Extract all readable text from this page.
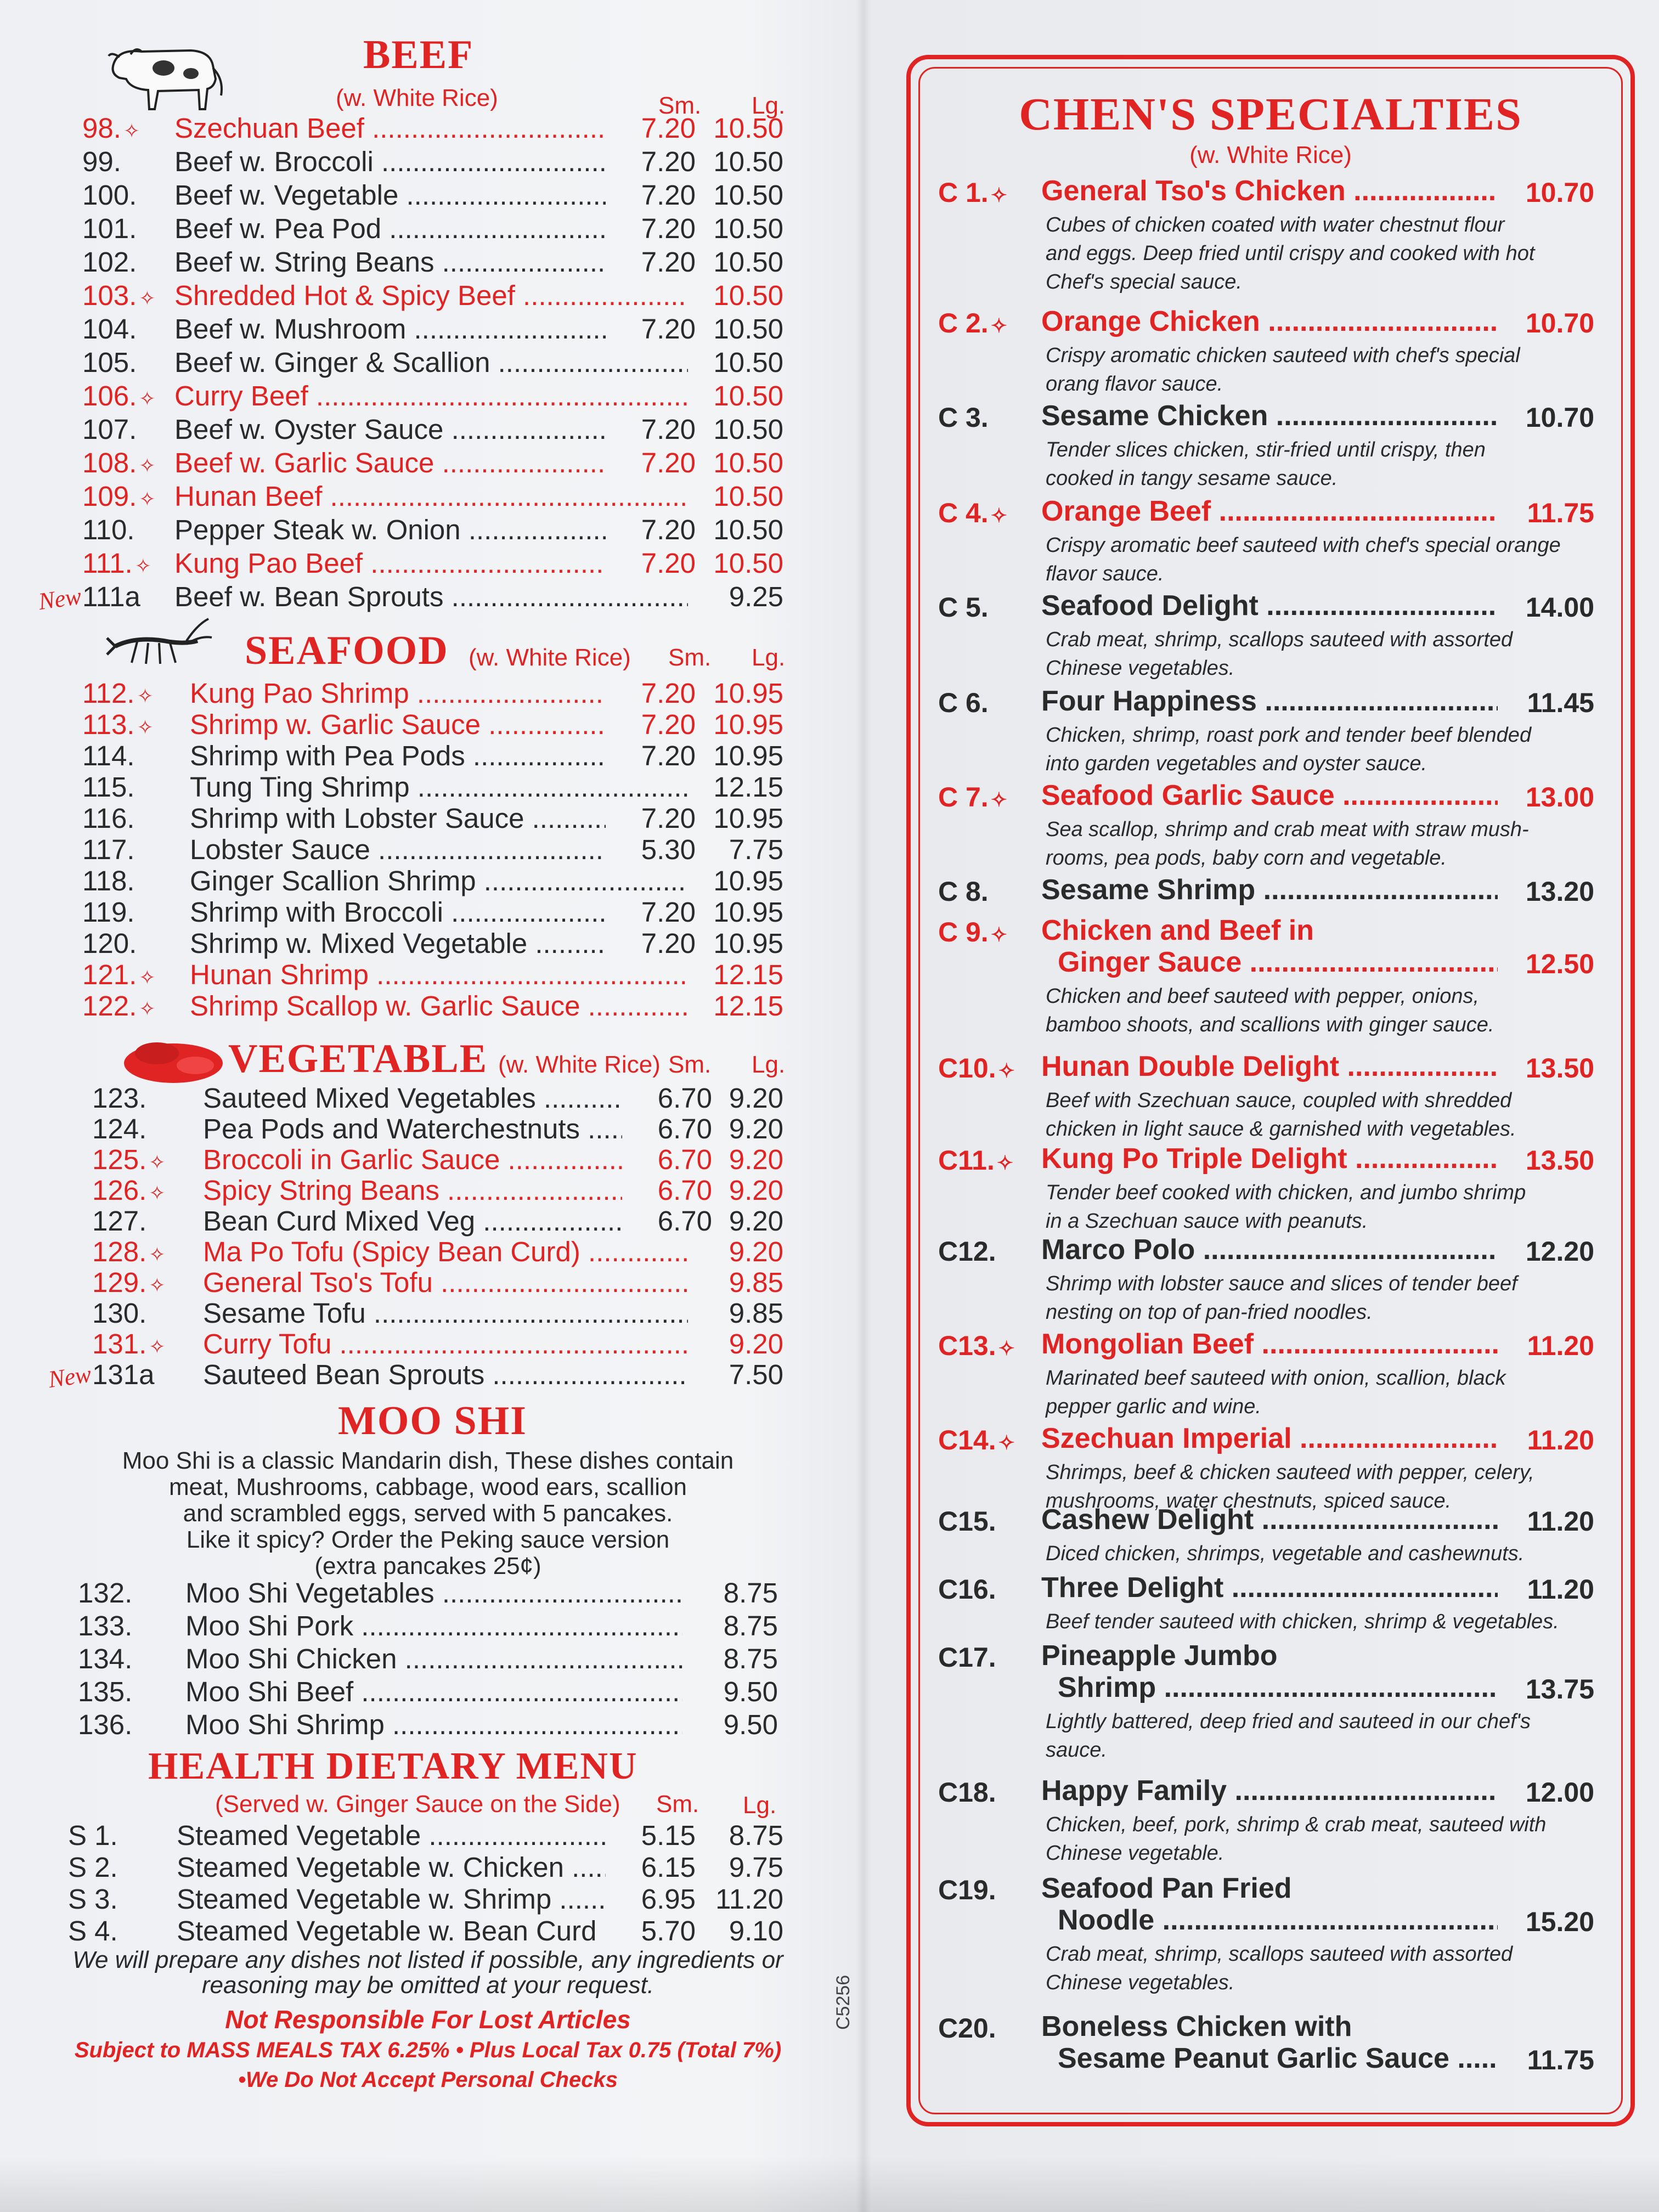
BEEF
(w. White Rice)	Sm. Lg.
SEAFOOD (w. White Rice) Sm. Lg.
VEGETABLE (w. White Rice) Sm. Lg.
MOO SHI
Moo Shi is a classic Mandarin dish, These dishes contain
meat, Mushrooms, cabbage, wood ears, scallion
and scrambled eggs, served with 5 pancakes.
Like it spicy? Order the Peking sauce version
(extra pancakes 25¢)
HEALTH DIETARY MENU
(Served w. Ginger Sauce on the Side) Sm. Lg.
We will prepare any dishes not listed if possible, any ingredients or
reasoning may be omitted at your request.
Not Responsible For Lost Articles
Subject to MASS MEALS TAX 6.25% • Plus Local Tax 0.75 (Total 7%)
•We Do Not Accept Personal Checks
C5256
CHEN'S SPECIALTIES
(w. White Rice)
98. ✧	Szechuan Beef .....	7.20 10.50
99.	Beef w. Broccoli .....	7.20 10.50
100.	Beef w. Vegetable .....	7.20 10.50
101.	Beef w. Pea Pod .....	7.20 10.50
102.	Beef w. String Beans .....	7.20 10.50
103. ✧ Shredded Hot & Spicy Beef .....	10.50
104.	Beef w. Mushroom .....	7.20 10.50
105.	Beef w. Ginger & Scallion .....	10.50
106. ✧ Curry Beef .....	10.50
107.	Beef w. Oyster Sauce .....	7.20 10.50
108. ✧ Beef w. Garlic Sauce .....	7.20 10.50
109. ✧ Hunan Beef .....	10.50
110.	Pepper Steak w. Onion .....	7.20 10.50
111. ✧ Kung Pao Beef .....	7.20 10.50
111a	Beef w. Bean Sprouts .....	9.25
New
112. ✧	Kung Pao Shrimp .....	7.20 10.95
113. ✧	Shrimp w. Garlic Sauce .....	7.20 10.95
114.	Shrimp with Pea Pods .....	7.20 10.95
115.	Tung Ting Shrimp .....	12.15
116.	Shrimp with Lobster Sauce .....	7.20 10.95
117.	Lobster Sauce .....	5.30	7.75
118.	Ginger Scallion Shrimp .....	10.95
119.	Shrimp with Broccoli .....	7.20 10.95
120.	Shrimp w. Mixed Vegetable .....	7.20 10.95
121. ✧	Hunan Shrimp .....	12.15
122. ✧	Shrimp Scallop w. Garlic Sauce .....	12.15
123.	Sauteed Mixed Vegetables .....	6.70 9.20
124.	Pea Pods and Waterchestnuts .....	6.70 9.20
125. ✧	Broccoli in Garlic Sauce .....	6.70 9.20
126. ✧	Spicy String Beans .....	6.70 9.20
127.	Bean Curd Mixed Veg .....	6.70 9.20
128. ✧	Ma Po Tofu (Spicy Bean Curd) .....	9.20
129. ✧	General Tso's Tofu .....	9.85
130.	Sesame Tofu .....	9.85
131. ✧	Curry Tofu .....	9.20
131a	Sauteed Bean Sprouts .....	7.50
New
132.	Moo Shi Vegetables .....	8.75
133.	Moo Shi Pork .....	8.75
134.	Moo Shi Chicken .....	8.75
135.	Moo Shi Beef .....	9.50
136.	Moo Shi Shrimp .....	9.50
S 1.	Steamed Vegetable .....	5.15	8.75
S 2.	Steamed Vegetable w. Chicken .....	6.15	9.75
S 3.	Steamed Vegetable w. Shrimp .....	6.95 11.20
S 4.	Steamed Vegetable w. Bean Curd .....	5.70	9.10
C 1. ✧ General Tso's Chicken .....	10.70
Cubes of chicken coated with water chestnut flour
and eggs. Deep fried until crispy and cooked with hot
Chef's special sauce.
C 2. ✧ Orange Chicken .....	10.70
Crispy aromatic chicken sauteed with chef's special
orang flavor sauce.
C 3. Sesame Chicken .....	10.70
Tender slices chicken, stir-fried until crispy, then
cooked in tangy sesame sauce.
C 4. ✧ Orange Beef .....	11.75
Crispy aromatic beef sauteed with chef's special orange
flavor sauce.
C 5. Seafood Delight .....	14.00
Crab meat, shrimp, scallops sauteed with assorted
Chinese vegetables.
C 6. Four Happiness .....	11.45
Chicken, shrimp, roast pork and tender beef blended
into garden vegetables and oyster sauce.
C 7. ✧ Seafood Garlic Sauce .....	13.00
Sea scallop, shrimp and crab meat with straw mush-
rooms, pea pods, baby corn and vegetable.
C 8. Sesame Shrimp .....	13.20
C 9. ✧ Chicken and Beef in
Ginger Sauce .....	12.50
Chicken and beef sauteed with pepper, onions,
bamboo shoots, and scallions with ginger sauce.
C10. ✧ Hunan Double Delight .....	13.50
Beef with Szechuan sauce, coupled with shredded
chicken in light sauce & garnished with vegetables.
C11. ✧ Kung Po Triple Delight .....	13.50
Tender beef cooked with chicken, and jumbo shrimp
in a Szechuan sauce with peanuts.
C12. Marco Polo .....	12.20
Shrimp with lobster sauce and slices of tender beef
nesting on top of pan-fried noodles.
C13. ✧ Mongolian Beef .....	11.20
Marinated beef sauteed with onion, scallion, black
pepper garlic and wine.
C14. ✧ Szechuan Imperial .....	11.20
Shrimps, beef & chicken sauteed with pepper, celery,
mushrooms, water chestnuts, spiced sauce.
C15. Cashew Delight .....	11.20
Diced chicken, shrimps, vegetable and cashewnuts.
C16. Three Delight .....	11.20
Beef tender sauteed with chicken, shrimp & vegetables.
C17. Pineapple Jumbo
Shrimp .....	13.75
Lightly battered, deep fried and sauteed in our chef's
sauce.
C18. Happy Family .....	12.00
Chicken, beef, pork, shrimp & crab meat, sauteed with
Chinese vegetable.
C19. Seafood Pan Fried
Noodle .....	15.20
Crab meat, shrimp, scallops sauteed with assorted
Chinese vegetables.
C20. Boneless Chicken with
Sesame Peanut Garlic Sauce .....	11.75
